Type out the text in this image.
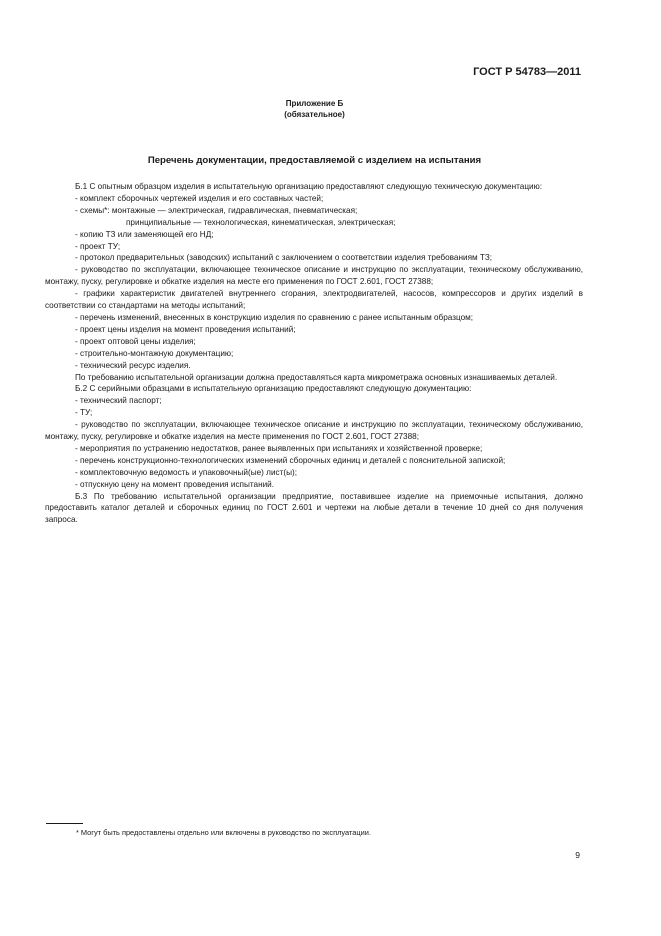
ГОСТ Р 54783—2011
Приложение Б
(обязательное)
Перечень документации, предоставляемой с изделием на испытания

Б.1 С опытным образцом изделия в испытательную организацию предоставляют следующую техническую документацию:

- комплект сборочных чертежей изделия и его составных частей;

- схемы*: монтажные — электрическая, гидравлическая, пневматическая;

принципиальные — технологическая, кинематическая, электрическая;

- копию ТЗ или заменяющей его НД;

- проект ТУ;

- протокол предварительных (заводских) испытаний с заключением о соответствии изделия требованиям ТЗ;

- руководство по эксплуатации, включающее техническое описание и инструкцию по эксплуатации, техническому обслуживанию, монтажу, пуску, регулировке и обкатке изделия на месте его применения по ГОСТ 2.601, ГОСТ 27388;

- графики характеристик двигателей внутреннего сгорания, электродвигателей, насосов, компрессоров и других изделий в соответствии со стандартами на методы испытаний;

- перечень изменений, внесенных в конструкцию изделия по сравнению с ранее испытанным образцом;

- проект цены изделия на момент проведения испытаний;

- проект оптовой цены изделия;

- строительно-монтажную документацию;

- технический ресурс изделия.

По требованию испытательной организации должна предоставляться карта микрометража основных изнашиваемых деталей.

Б.2 С серийными образцами в испытательную организацию предоставляют следующую документацию:

- технический паспорт;

- ТУ;

- руководство по эксплуатации, включающее техническое описание и инструкцию по эксплуатации, техническому обслуживанию, монтажу, пуску, регулировке и обкатке изделия на месте применения по ГОСТ 2.601, ГОСТ 27388;

- мероприятия по устранению недостатков, ранее выявленных при испытаниях и хозяйственной проверке;

- перечень конструкционно-технологических изменений сборочных единиц и деталей с пояснительной запиской;

- комплектовочную ведомость и упаковочный(ые) лист(ы);

- отпускную цену на момент проведения испытаний.

Б.3 По требованию испытательной организации предприятие, поставившее изделие на приемочные испытания, должно предоставить каталог деталей и сборочных единиц по ГОСТ 2.601 и чертежи на любые детали в течение 10 дней со дня получения запроса.

* Могут быть предоставлены отдельно или включены в руководство по эксплуатации.
9
